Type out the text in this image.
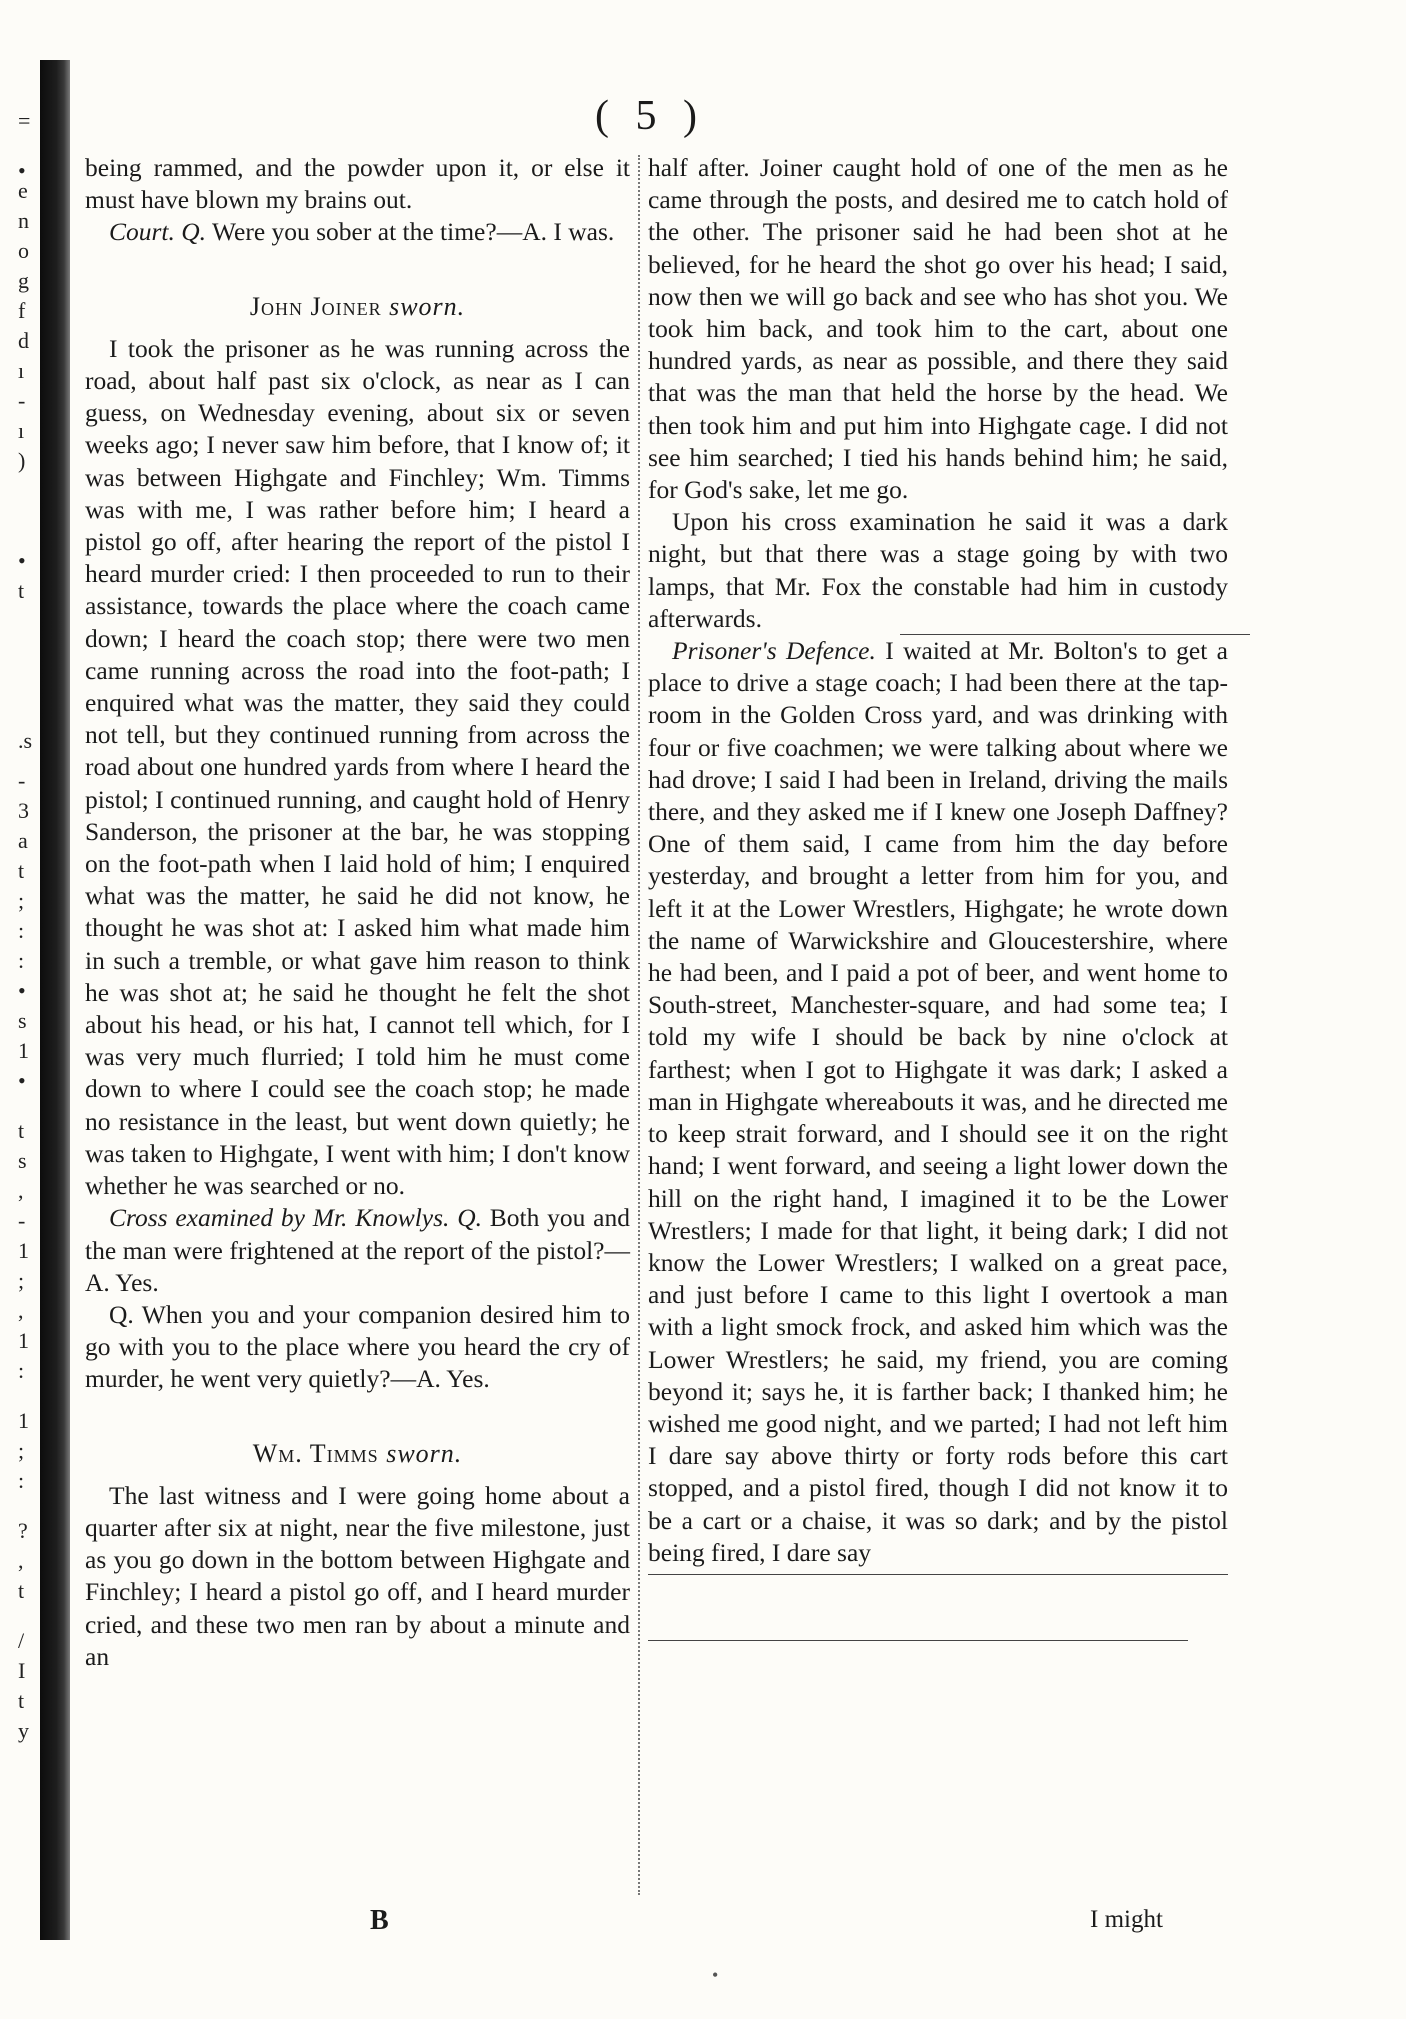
=
•
e
n
o
g
f
d
ı
-
ı
)
•
t
.s
-
3
a
t
;
:
:
•
s
1
•
t
s
,
-
1
;
,
1
:
1
;
:
?
,
t
/
I
t
y
( 5 )

being rammed, and the powder upon it, or else it must have blown my brains out.

Court. Q. Were you sober at the time?—A. I was.

John Joiner sworn.

I took the prisoner as he was running across the road, about half past six o'clock, as near as I can guess, on Wednesday evening, about six or seven weeks ago; I never saw him before, that I know of; it was between Highgate and Finchley; Wm. Timms was with me, I was rather before him; I heard a pistol go off, after hearing the report of the pistol I heard murder cried: I then proceeded to run to their assistance, towards the place where the coach came down; I heard the coach stop; there were two men came running across the road into the foot-path; I enquired what was the matter, they said they could not tell, but they continued running from across the road about one hundred yards from where I heard the pistol; I continued running, and caught hold of Henry Sanderson, the prisoner at the bar, he was stopping on the foot-path when I laid hold of him; I enquired what was the matter, he said he did not know, he thought he was shot at: I asked him what made him in such a tremble, or what gave him reason to think he was shot at; he said he thought he felt the shot about his head, or his hat, I cannot tell which, for I was very much flurried; I told him he must come down to where I could see the coach stop; he made no resistance in the least, but went down quietly; he was taken to Highgate, I went with him; I don't know whether he was searched or no.

Cross examined by Mr. Knowlys. Q. Both you and the man were frightened at the report of the pistol?—A. Yes.

Q. When you and your companion desired him to go with you to the place where you heard the cry of murder, he went very quietly?—A. Yes.

Wm. Timms sworn.

The last witness and I were going home about a quarter after six at night, near the five milestone, just as you go down in the bottom between Highgate and Finchley; I heard a pistol go off, and I heard murder cried, and these two men ran by about a minute and an

half after. Joiner caught hold of one of the men as he came through the posts, and desired me to catch hold of the other. The prisoner said he had been shot at he believed, for he heard the shot go over his head; I said, now then we will go back and see who has shot you. We took him back, and took him to the cart, about one hundred yards, as near as possible, and there they said that was the man that held the horse by the head. We then took him and put him into Highgate cage. I did not see him searched; I tied his hands behind him; he said, for God's sake, let me go.

Upon his cross examination he said it was a dark night, but that there was a stage going by with two lamps, that Mr. Fox the constable had him in custody afterwards.

Prisoner's Defence. I waited at Mr. Bolton's to get a place to drive a stage coach; I had been there at the tap-room in the Golden Cross yard, and was drinking with four or five coachmen; we were talking about where we had drove; I said I had been in Ireland, driving the mails there, and they asked me if I knew one Joseph Daffney? One of them said, I came from him the day before yesterday, and brought a letter from him for you, and left it at the Lower Wrestlers, Highgate; he wrote down the name of Warwickshire and Gloucestershire, where he had been, and I paid a pot of beer, and went home to South-street, Manchester-square, and had some tea; I told my wife I should be back by nine o'clock at farthest; when I got to Highgate it was dark; I asked a man in Highgate whereabouts it was, and he directed me to keep strait forward, and I should see it on the right hand; I went forward, and seeing a light lower down the hill on the right hand, I imagined it to be the Lower Wrestlers; I made for that light, it being dark; I did not know the Lower Wrestlers; I walked on a great pace, and just before I came to this light I overtook a man with a light smock frock, and asked him which was the Lower Wrestlers; he said, my friend, you are coming beyond it; says he, it is farther back; I thanked him; he wished me good night, and we parted; I had not left him I dare say above thirty or forty rods before this cart stopped, and a pistol fired, though I did not know it to be a cart or a chaise, it was so dark; and by the pistol being fired, I dare say

B	I might
•
